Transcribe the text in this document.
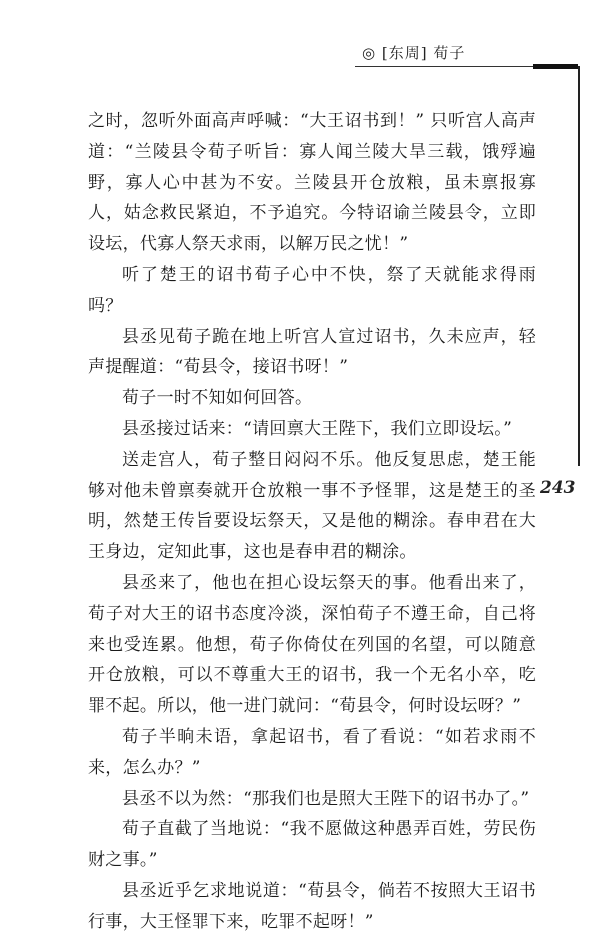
◎ [东周] 荀子
243

之时，忽听外面高声呼喊：“大王诏书到！” 只听宫人高声道：“兰陵县令荀子听旨：寡人闻兰陵大旱三载，饿殍遍野，寡人心中甚为不安。兰陵县开仓放粮，虽未禀报寡人，姑念救民紧迫，不予追究。今特诏谕兰陵县令，立即设坛，代寡人祭天求雨，以解万民之忧！”

听了楚王的诏书荀子心中不快，祭了天就能求得雨吗？

县丞见荀子跪在地上听宫人宣过诏书，久未应声，轻声提醒道：“荀县令，接诏书呀！”

荀子一时不知如何回答。

县丞接过话来：“请回禀大王陛下，我们立即设坛。”

送走宫人，荀子整日闷闷不乐。他反复思虑，楚王能够对他未曾禀奏就开仓放粮一事不予怪罪，这是楚王的圣明，然楚王传旨要设坛祭天，又是他的糊涂。春申君在大王身边，定知此事，这也是春申君的糊涂。

县丞来了，他也在担心设坛祭天的事。他看出来了，荀子对大王的诏书态度冷淡，深怕荀子不遵王命，自己将来也受连累。他想，荀子你倚仗在列国的名望，可以随意开仓放粮，可以不尊重大王的诏书，我一个无名小卒，吃罪不起。所以，他一进门就问：“荀县令，何时设坛呀？”

荀子半晌未语，拿起诏书，看了看说：“如若求雨不来，怎么办？”

县丞不以为然：“那我们也是照大王陛下的诏书办了。”

荀子直截了当地说：“我不愿做这种愚弄百姓，劳民伤财之事。”

县丞近乎乞求地说道：“荀县令，倘若不按照大王诏书行事，大王怪罪下来，吃罪不起呀！”
